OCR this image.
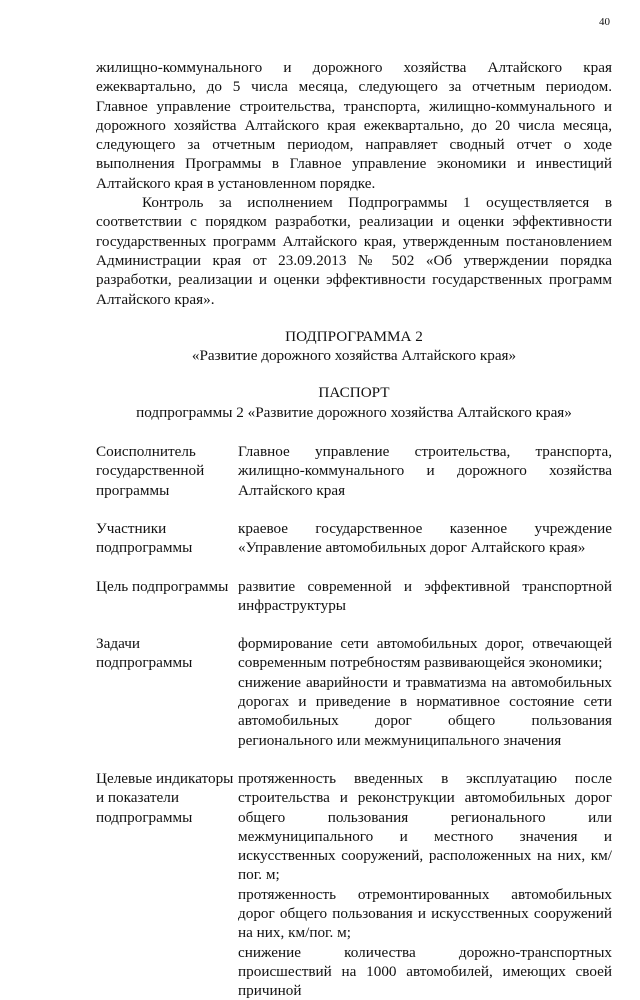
40

жилищно-коммунального и дорожного хозяйства Алтайского края ежеквартально, до 5 числа месяца, следующего за отчетным периодом. Главное управление строительства, транспорта, жилищно-коммунального и дорожного хозяйства Алтайского края ежеквартально, до 20 числа месяца, следующего за отчетным периодом, направляет сводный отчет о ходе выполнения Программы в Главное управление экономики и инвестиций Алтайского края в установленном порядке.

Контроль за исполнением Подпрограммы 1 осуществляется в соответствии с порядком разработки, реализации и оценки эффективности государственных программ Алтайского края, утвержденным постановлением Администрации края от 23.09.2013 № 502 «Об утверждении порядка разработки, реализации и оценки эффективности государственных программ Алтайского края».

ПОДПРОГРАММА 2

«Развитие дорожного хозяйства Алтайского края»

ПАСПОРТ

подпрограммы 2 «Развитие дорожного хозяйства Алтайского края»

Соисполнитель государственной программы

Главное управление строительства, транспорта, жилищно-коммунального и дорожного хозяйства Алтайского края

Участники подпрограммы

краевое государственное казенное учреждение «Управление автомобильных дорог Алтайского края»

Цель подпрограммы развитие современной и эффективной транспортной инфраструктуры

Задачи подпрограммы

формирование сети автомобильных дорог, отвечающей современным потребностям развивающейся экономики;

снижение аварийности и травматизма на автомобильных дорогах и приведение в нормативное состояние сети автомобильных дорог общего пользования регионального или межмуниципального значения

Целевые индикаторы и показатели подпрограммы

протяженность введенных в эксплуатацию после строительства и реконструкции автомобильных дорог общего пользования регионального или межмуниципального и местного значения и искусственных сооружений, расположенных на них, км/пог. м;

протяженность отремонтированных автомобильных дорог общего пользования и искусственных сооружений на них, км/пог. м;

снижение количества дорожно-транспортных происшествий на 1000 автомобилей, имеющих своей причиной
